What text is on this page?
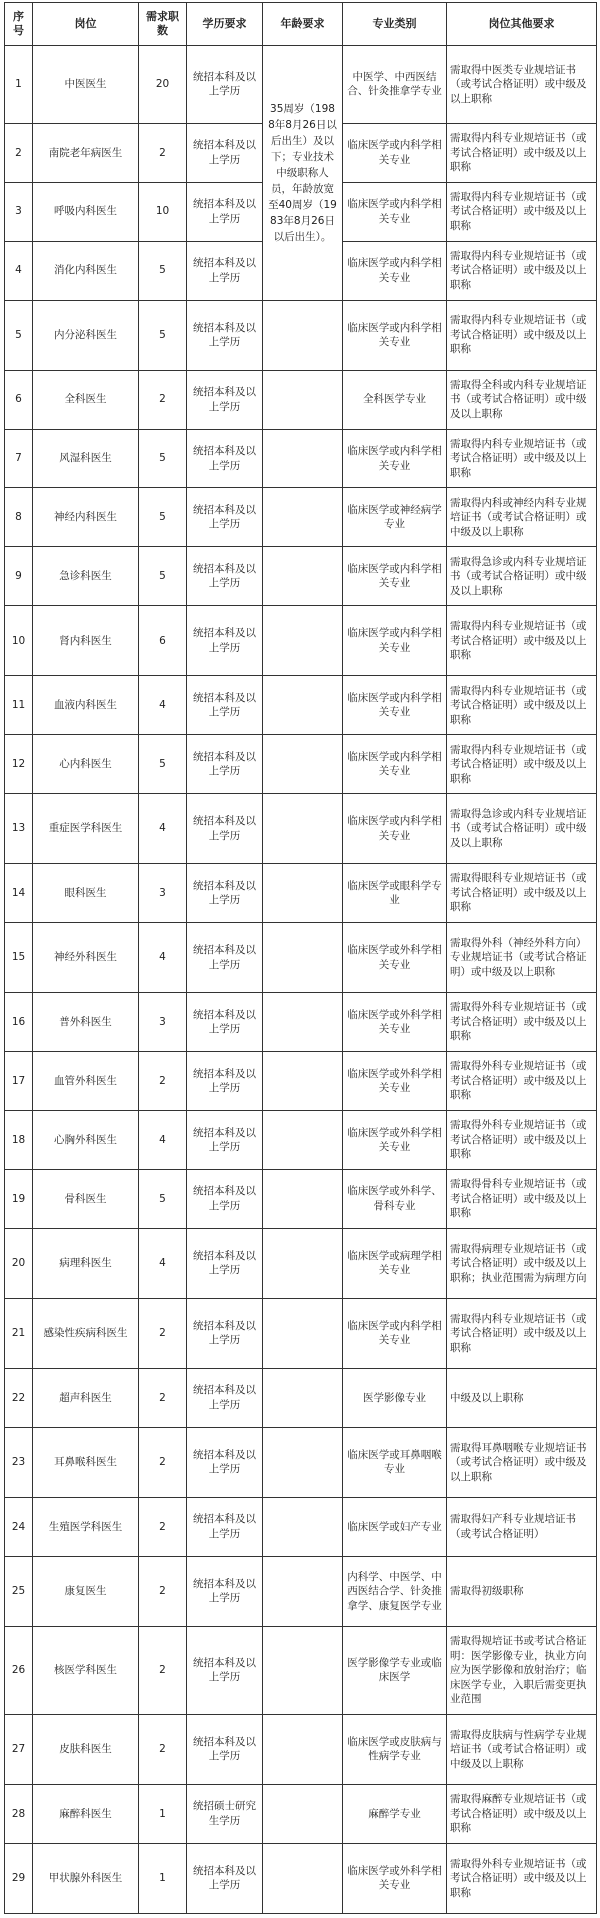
序号	岗位	需求职数	学历要求	年龄要求	专业类别	岗位其他要求
1	中医医生	20	统招本科及以上学历	35周岁（1988年8月26日以后出生）及以下；专业技术中级职称人员，年龄放宽至40周岁（1983年8月26日以后出生）。	中医学、中西医结合、针灸推拿学专业	需取得中医类专业规培证书（或考试合格证明）或中级及以上职称
2	南院老年病医生	2	统招本科及以上学历		临床医学或内科学相关专业	需取得内科专业规培证书（或考试合格证明）或中级及以上职称
3	呼吸内科医生	10	统招本科及以上学历		临床医学或内科学相关专业	需取得内科专业规培证书（或考试合格证明）或中级及以上职称
4	消化内科医生	5	统招本科及以上学历		临床医学或内科学相关专业	需取得内科专业规培证书（或考试合格证明）或中级及以上职称
5	内分泌科医生	5	统招本科及以上学历		临床医学或内科学相关专业	需取得内科专业规培证书（或考试合格证明）或中级及以上职称
6	全科医生	2	统招本科及以上学历		全科医学专业	需取得全科或内科专业规培证书（或考试合格证明）或中级及以上职称
7	风湿科医生	5	统招本科及以上学历		临床医学或内科学相关专业	需取得内科专业规培证书（或考试合格证明）或中级及以上职称
8	神经内科医生	5	统招本科及以上学历		临床医学或神经病学专业	需取得内科或神经内科专业规培证书（或考试合格证明）或中级及以上职称
9	急诊科医生	5	统招本科及以上学历		临床医学或内科学相关专业	需取得急诊或内科专业规培证书（或考试合格证明）或中级及以上职称
10	肾内科医生	6	统招本科及以上学历		临床医学或内科学相关专业	需取得内科专业规培证书（或考试合格证明）或中级及以上职称
11	血液内科医生	4	统招本科及以上学历		临床医学或内科学相关专业	需取得内科专业规培证书（或考试合格证明）或中级及以上职称
12	心内科医生	5	统招本科及以上学历		临床医学或内科学相关专业	需取得内科专业规培证书（或考试合格证明）或中级及以上职称
13	重症医学科医生	4	统招本科及以上学历		临床医学或内科学相关专业	需取得急诊或内科专业规培证书（或考试合格证明）或中级及以上职称
14	眼科医生	3	统招本科及以上学历		临床医学或眼科学专业	需取得眼科专业规培证书（或考试合格证明）或中级及以上职称
15	神经外科医生	4	统招本科及以上学历		临床医学或外科学相关专业	需取得外科（神经外科方向）专业规培证书（或考试合格证明）或中级及以上职称
16	普外科医生	3	统招本科及以上学历		临床医学或外科学相关专业	需取得外科专业规培证书（或考试合格证明）或中级及以上职称
17	血管外科医生	2	统招本科及以上学历		临床医学或外科学相关专业	需取得外科专业规培证书（或考试合格证明）或中级及以上职称
18	心胸外科医生	4	统招本科及以上学历		临床医学或外科学相关专业	需取得外科专业规培证书（或考试合格证明）或中级及以上职称
19	骨科医生	5	统招本科及以上学历		临床医学或外科学、骨科专业	需取得骨科专业规培证书（或考试合格证明）或中级及以上职称
20	病理科医生	4	统招本科及以上学历		临床医学或病理学相关专业	需取得病理专业规培证书（或考试合格证明）或中级及以上职称；执业范围需为病理方向
21	感染性疾病科医生	2	统招本科及以上学历		临床医学或内科学相关专业	需取得内科专业规培证书（或考试合格证明）或中级及以上职称
22	超声科医生	2	统招本科及以上学历		医学影像专业	中级及以上职称
23	耳鼻喉科医生	2	统招本科及以上学历		临床医学或耳鼻咽喉专业	需取得耳鼻咽喉专业规培证书（或考试合格证明）或中级及以上职称
24	生殖医学科医生	2	统招本科及以上学历		临床医学或妇产专业	需取得妇产科专业规培证书（或考试合格证明）
25	康复医生	2	统招本科及以上学历		内科学、中医学、中西医结合学、针灸推拿学、康复医学专业	需取得初级职称
26	核医学科医生	2	统招本科及以上学历		医学影像学专业或临床医学	需取得规培证书或考试合格证明：医学影像专业，执业方向应为医学影像和放射治疗；临床医学专业，入职后需变更执业范围
27	皮肤科医生	2	统招本科及以上学历		临床医学或皮肤病与性病学专业	需取得皮肤病与性病学专业规培证书（或考试合格证明）或中级及以上职称
28	麻醉科医生	1	统招硕士研究生学历		麻醉学专业	需取得麻醉专业规培证书（或考试合格证明）或中级及以上职称
29	甲状腺外科医生	1	统招本科及以上学历		临床医学或外科学相关专业	需取得外科专业规培证书（或考试合格证明）或中级及以上职称
